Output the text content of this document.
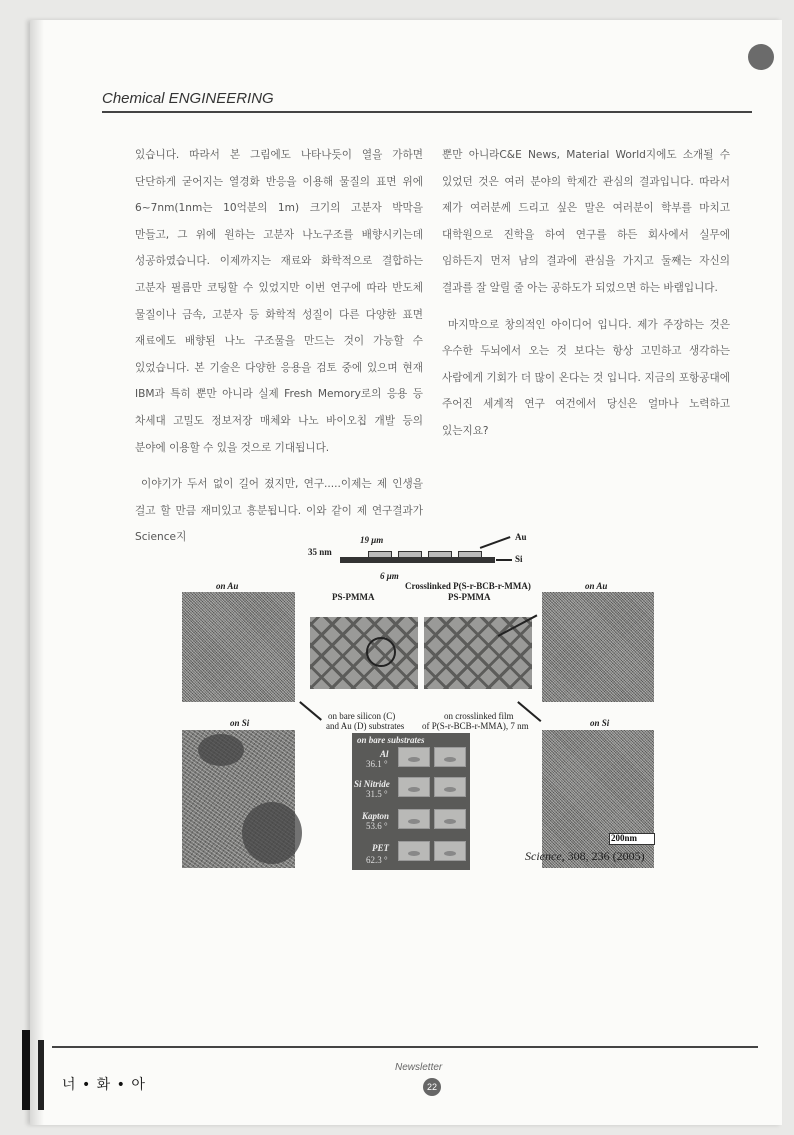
Chemical ENGINEERING

있습니다. 따라서 본 그림에도 나타나듯이 열을 가하면 단단하게 굳어지는 열경화 반응을 이용해 물질의 표면 위에 6~7nm(1nm는 10억분의 1m) 크기의 고분자 박막을 만들고, 그 위에 원하는 고분자 나노구조를 배향시키는데 성공하였습니다. 이제까지는 재료와 화학적으로 결합하는 고분자 필름만 코팅할 수 있었지만 이번 연구에 따라 반도체 물질이나 금속, 고분자 등 화학적 성질이 다른 다양한 표면 재료에도 배향된 나노 구조물을 만드는 것이 가능할 수 있었습니다. 본 기술은 다양한 응용을 검토 중에 있으며 현재 IBM과 특히 뿐만 아니라 실제 Fresh Memory로의 응용 등 차세대 고밀도 정보저장 매체와 나노 바이오칩 개발 등의 분야에 이용할 수 있을 것으로 기대됩니다.

이야기가 두서 없이 길어 졌지만, 연구.....이제는 제 인생을 걸고 할 만큼 재미있고 흥분됩니다. 이와 같이 제 연구결과가 Science지

뿐만 아니라C&E News, Material World지에도 소개될 수 있었던 것은 여러 분야의 학제간 관심의 결과입니다. 따라서 제가 여러분께 드리고 싶은 말은 여러분이 학부를 마치고 대학원으로 진학을 하여 연구를 하든 회사에서 실무에 임하든지 먼저 남의 결과에 관심을 가지고 둘째는 자신의 결과를 잘 알릴 줄 아는 공하도가 되었으면 하는 바램입니다.

마지막으로 창의적인 아이디어 입니다. 제가 주장하는 것은 우수한 두뇌에서 오는 것 보다는 항상 고민하고 생각하는 사람에게 기회가 더 많이 온다는 것 입니다. 지금의 포항공대에 주어진 세계적 연구 여건에서 당신은 얼마나 노력하고 있는지요?

35 nm
19 μm
6 μm
Au
Si
Crosslinked P(S-r-BCB-r-MMA)
PS-PMMA	PS-PMMA
on Au	on Au
on bare silicon (C)
and Au (D) substrates
on crosslinked film
of P(S-r-BCB-r-MMA), 7 nm
on Si	on Si
on bare substrates
Al
36.1 °
Si Nitride
31.5 °
Kapton
53.6 °
PET
62.3 °
200nm
Science, 308, 236 (2005)
너 • 화 • 아
Newsletter
22
